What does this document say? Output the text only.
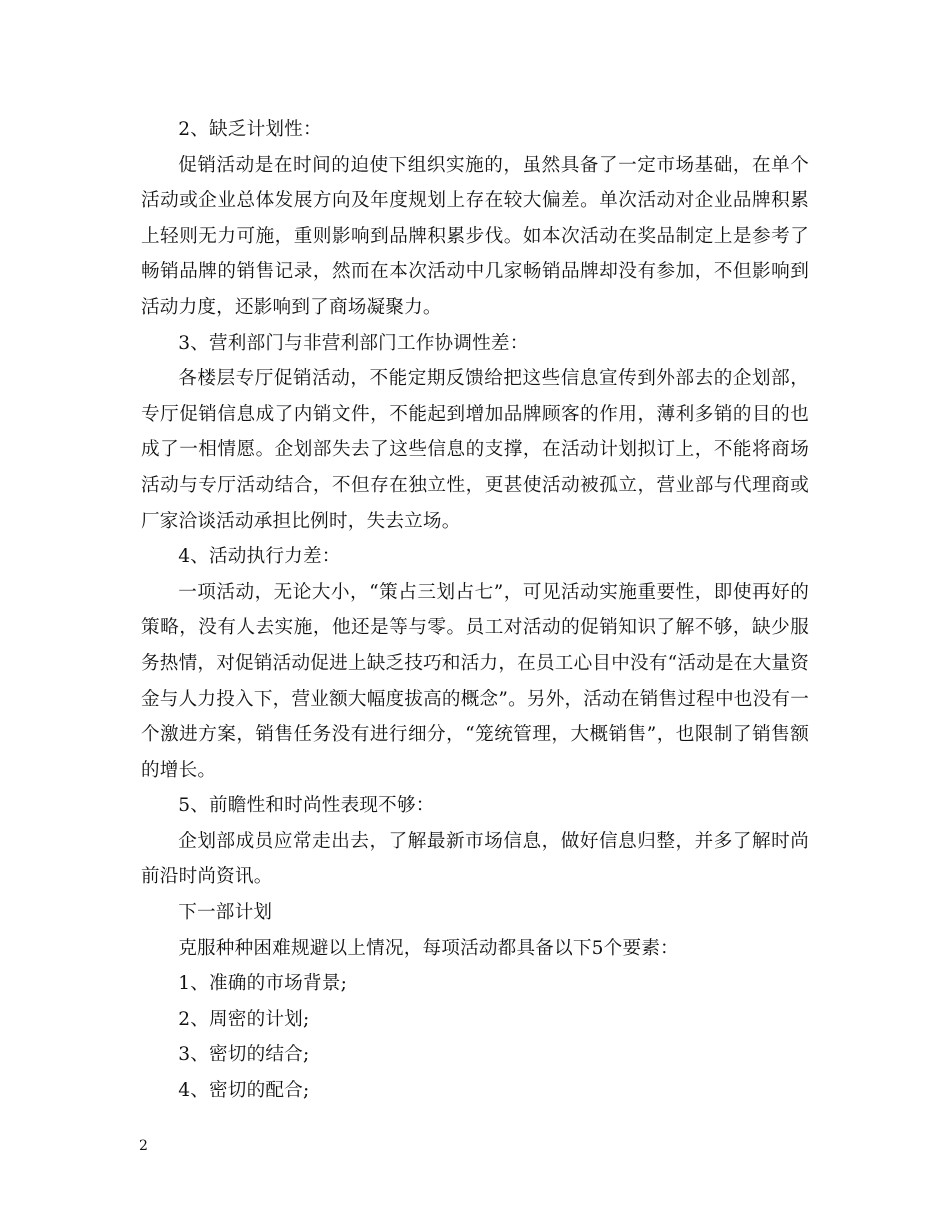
2、缺乏计划性：

促销活动是在时间的迫使下组织实施的，虽然具备了一定市场基础，在单个活动或企业总体发展方向及年度规划上存在较大偏差。单次活动对企业品牌积累上轻则无力可施，重则影响到品牌积累步伐。如本次活动在奖品制定上是参考了畅销品牌的销售记录，然而在本次活动中几家畅销品牌却没有参加，不但影响到活动力度，还影响到了商场凝聚力。

3、营利部门与非营利部门工作协调性差：

各楼层专厅促销活动，不能定期反馈给把这些信息宣传到外部去的企划部，专厅促销信息成了内销文件，不能起到增加品牌顾客的作用，薄利多销的目的也成了一相情愿。企划部失去了这些信息的支撑，在活动计划拟订上，不能将商场活动与专厅活动结合，不但存在独立性，更甚使活动被孤立，营业部与代理商或厂家洽谈活动承担比例时，失去立场。

4、活动执行力差：

一项活动，无论大小，“策占三划占七”，可见活动实施重要性，即使再好的策略，没有人去实施，他还是等与零。员工对活动的促销知识了解不够，缺少服务热情，对促销活动促进上缺乏技巧和活力，在员工心目中没有“活动是在大量资金与人力投入下，营业额大幅度拔高的概念”。另外，活动在销售过程中也没有一个激进方案，销售任务没有进行细分，“笼统管理，大概销售”，也限制了销售额的增长。

5、前瞻性和时尚性表现不够：

企划部成员应常走出去，了解最新市场信息，做好信息归整，并多了解时尚前沿时尚资讯。

下一部计划

克服种种困难规避以上情况，每项活动都具备以下5个要素：

1、准确的市场背景;

2、周密的计划;

3、密切的结合;

4、密切的配合;

2
